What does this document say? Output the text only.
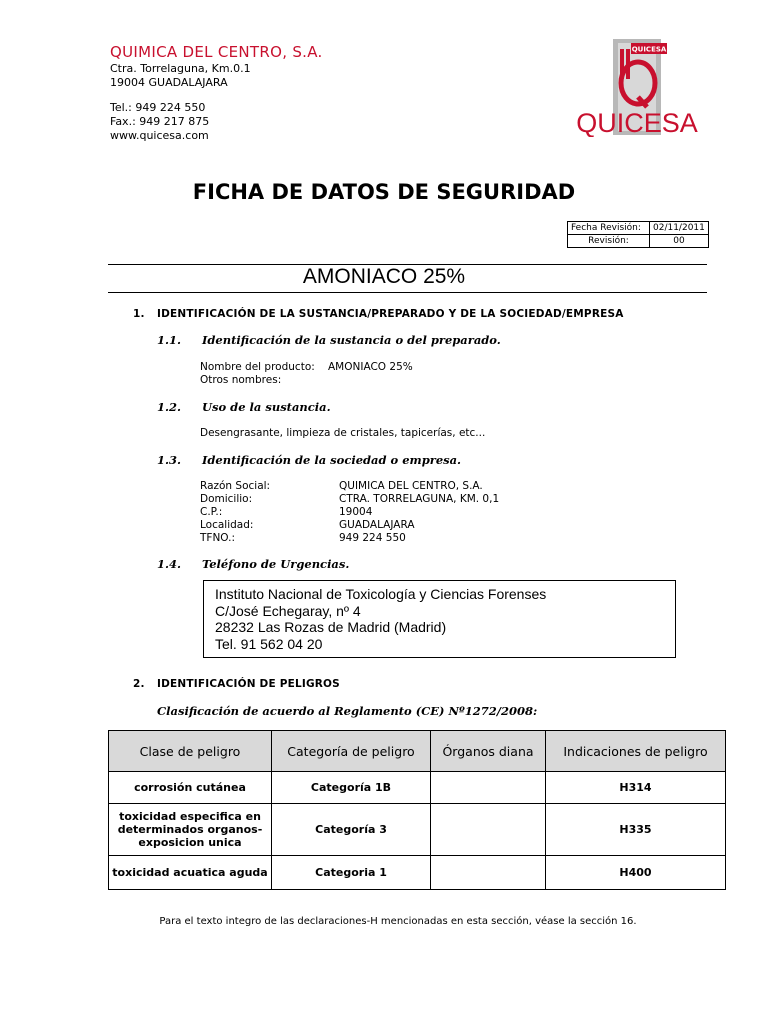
QUIMICA DEL CENTRO, S.A.
Ctra. Torrelaguna, Km.0.1
19004 GUADALAJARA
Tel.: 949 224 550
Fax.: 949 217 875
www.quicesa.com
QUICESA
QUICESA
FICHA DE DATOS DE SEGURIDAD
Fecha Revisión:	02/11/2011
Revisión:	00
AMONIACO 25%
1. IDENTIFICACIÓN DE LA SUSTANCIA/PREPARADO Y DE LA SOCIEDAD/EMPRESA
1.1. Identificación de la sustancia o del preparado.
Nombre del producto: AMONIACO 25%
Otros nombres:
1.2. Uso de la sustancia.
Desengrasante, limpieza de cristales, tapicerías, etc...
1.3. Identificación de la sociedad o empresa.
Razón Social:	QUIMICA DEL CENTRO, S.A.
Domicilio:	CTRA. TORRELAGUNA, KM. 0,1
C.P.:	19004
Localidad:	GUADALAJARA
TFNO.:	949 224 550
1.4. Teléfono de Urgencias.
Instituto Nacional de Toxicología y Ciencias Forenses
C/José Echegaray, nº 4
28232 Las Rozas de Madrid (Madrid)
Tel. 91 562 04 20
2. IDENTIFICACIÓN DE PELIGROS
Clasificación de acuerdo al Reglamento (CE) Nº1272/2008:
Clase de peligro	Categoría de peligro	Órganos diana	Indicaciones de peligro
corrosión cutánea	Categoría 1B		H314
toxicidad especifica en determinados organos-exposicion unica	Categoría 3		H335
toxicidad acuatica aguda	Categoria 1		H400
Para el texto integro de las declaraciones-H mencionadas en esta sección, véase la sección 16.
